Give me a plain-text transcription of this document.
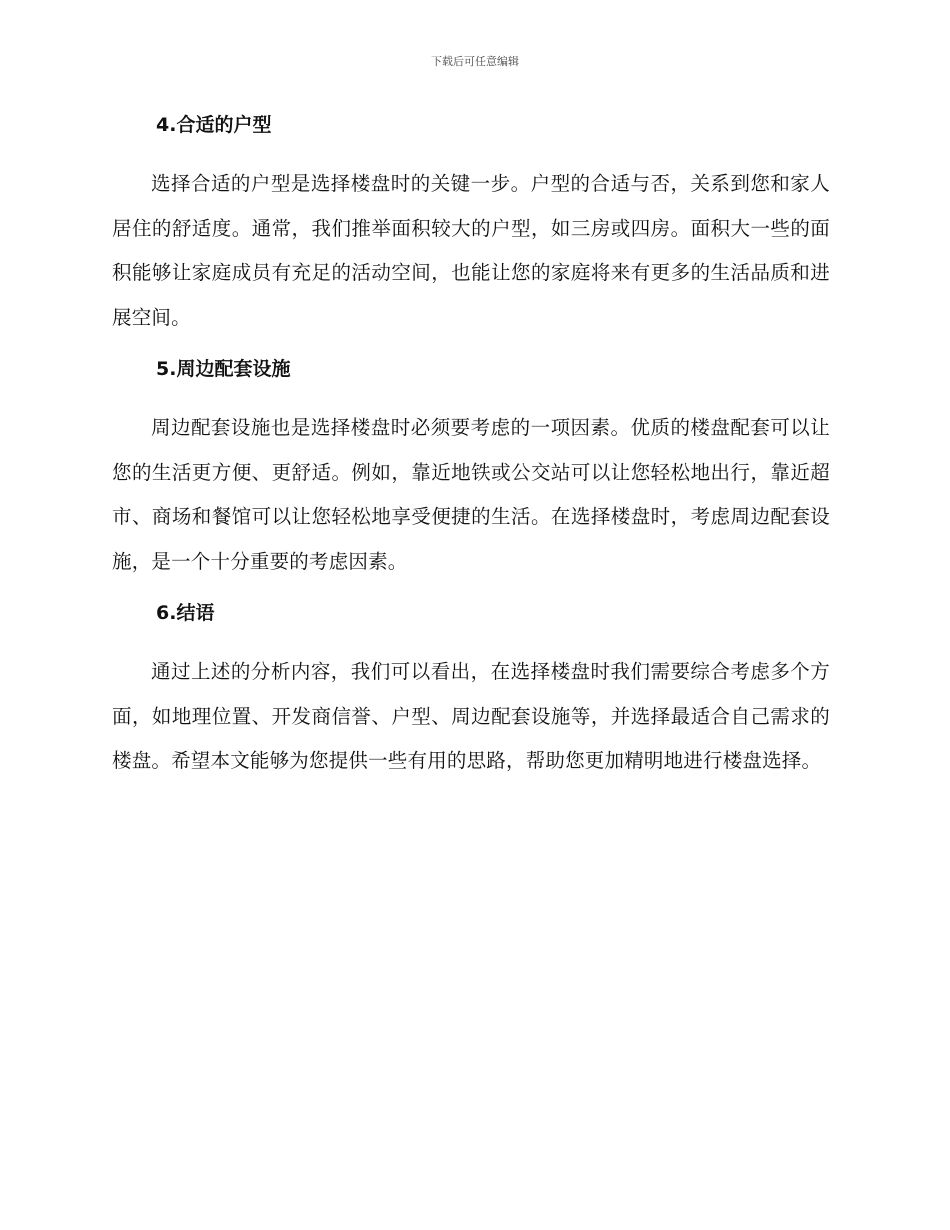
下载后可任意编辑
4.合适的户型

选择合适的户型是选择楼盘时的关键一步。户型的合适与否，关系到您和家人居住的舒适度。通常，我们推举面积较大的户型，如三房或四房。面积大一些的面积能够让家庭成员有充足的活动空间，也能让您的家庭将来有更多的生活品质和进展空间。

5.周边配套设施

周边配套设施也是选择楼盘时必须要考虑的一项因素。优质的楼盘配套可以让您的生活更方便、更舒适。例如，靠近地铁或公交站可以让您轻松地出行，靠近超市、商场和餐馆可以让您轻松地享受便捷的生活。在选择楼盘时，考虑周边配套设施，是一个十分重要的考虑因素。

6.结语

通过上述的分析内容，我们可以看出，在选择楼盘时我们需要综合考虑多个方面，如地理位置、开发商信誉、户型、周边配套设施等，并选择最适合自己需求的楼盘。希望本文能够为您提供一些有用的思路，帮助您更加精明地进行楼盘选择。
